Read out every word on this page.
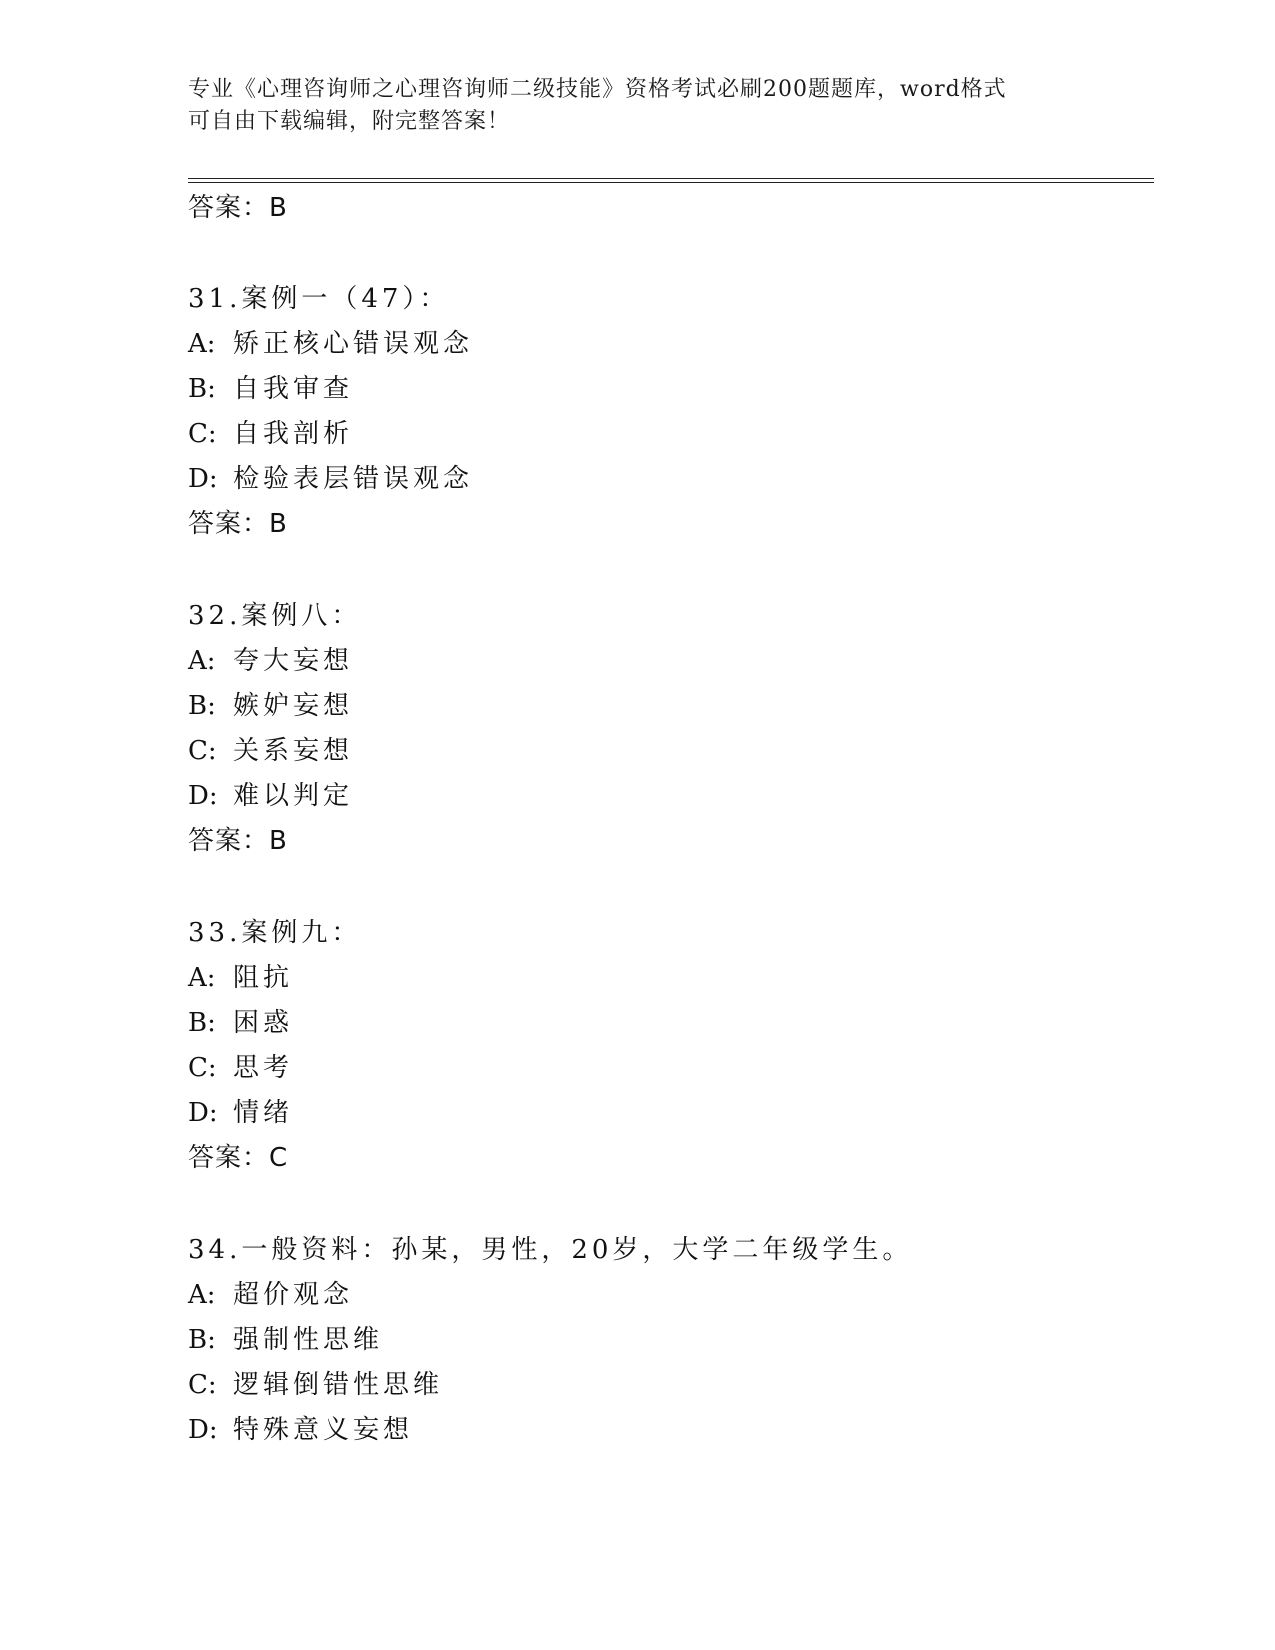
专业《心理咨询师之心理咨询师二级技能》资格考试必刷200题题库，word格式
可自由下载编辑，附完整答案！
答案：B
31.案例一（47）：
A: 矫正核心错误观念
B: 自我审查
C: 自我剖析
D: 检验表层错误观念
答案：B
32.案例八：
A: 夸大妄想
B: 嫉妒妄想
C: 关系妄想
D: 难以判定
答案：B
33.案例九：
A: 阻抗
B: 困惑
C: 思考
D: 情绪
答案：C
34.一般资料：孙某，男性，20岁，大学二年级学生。
A: 超价观念
B: 强制性思维
C: 逻辑倒错性思维
D: 特殊意义妄想
